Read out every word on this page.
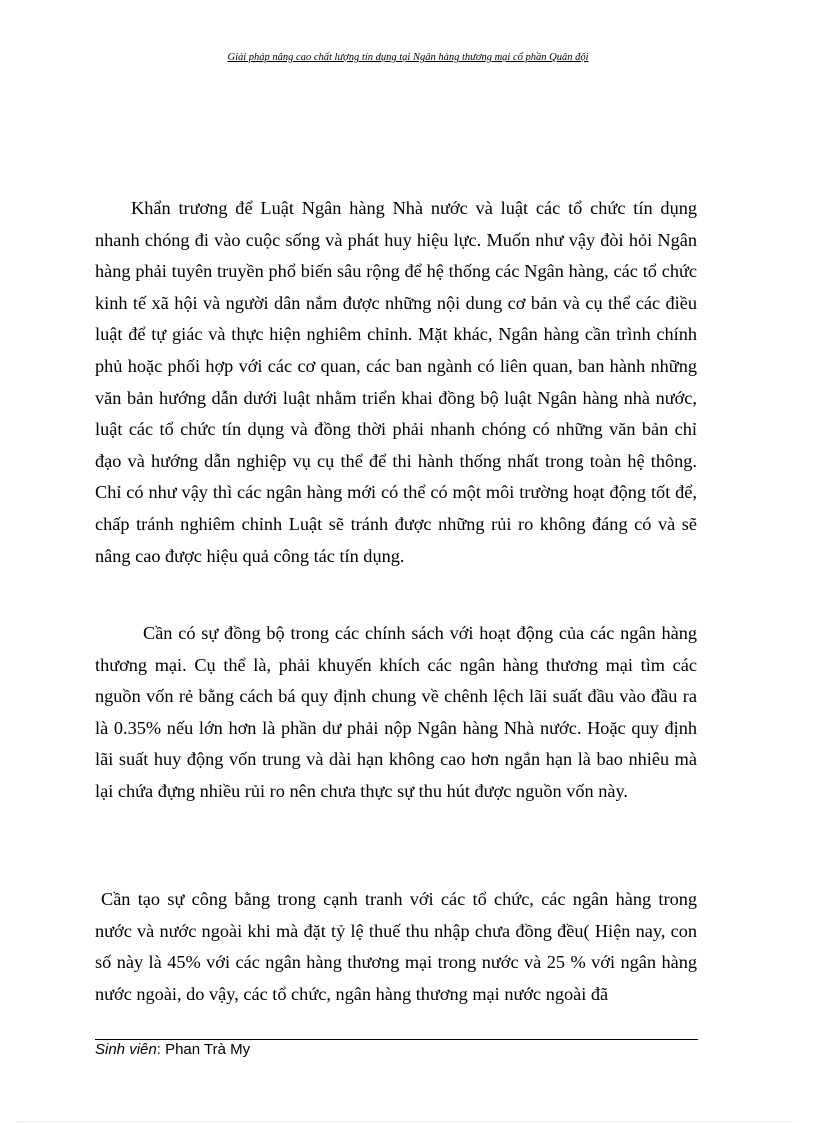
Giải pháp nâng cao chất lượng tín dụng tại Ngân hàng thương mại cổ phần Quân đội

Khẩn trương để Luật Ngân hàng Nhà nước và luật các tổ chức tín dụng nhanh chóng đi vào cuộc sống và phát huy hiệu lực. Muốn như vậy đòi hỏi Ngân hàng phải tuyên truyền phổ biến sâu rộng để hệ thống các Ngân hàng, các tổ chức kinh tế xã hội và người dân nắm được những nội dung cơ bản và cụ thể các điều luật để tự giác và thực hiện nghiêm chỉnh. Mặt khác, Ngân hàng cần trình chính phủ hoặc phối hợp với các cơ quan, các ban ngành có liên quan, ban hành những văn bản hướng dẫn dưới luật nhằm triển khai đồng bộ luật Ngân hàng nhà nước, luật các tổ chức tín dụng và đồng thời phải nhanh chóng có những văn bản chỉ đạo và hướng dẫn nghiệp vụ cụ thể để thi hành thống nhất trong toàn hệ thông. Chỉ có như vậy thì các ngân hàng mới có thể có một môi trường hoạt động tốt để, chấp tránh nghiêm chỉnh Luật sẽ tránh được những rủi ro không đáng có và sẽ nâng cao được hiệu quả công tác tín dụng.

Cần có sự đồng bộ trong các chính sách với hoạt động của các ngân hàng thương mại. Cụ thể là, phải khuyến khích các ngân hàng thương mại tìm các nguồn vốn rẻ bằng cách bá quy định chung về chênh lệch lãi suất đầu vào đầu ra là 0.35% nếu lớn hơn là phần dư phải nộp Ngân hàng Nhà nước. Hoặc quy định lãi suất huy động vốn trung và dài hạn không cao hơn ngắn hạn là bao nhiêu mà lại chứa đựng nhiều rủi ro nên chưa thực sự thu hút được nguồn vốn này.

Cần tạo sự công bằng trong cạnh tranh với các tổ chức, các ngân hàng trong nước và nước ngoài khi mà đặt tỷ lệ thuế thu nhập chưa đồng đều( Hiện nay, con số này là 45% với các ngân hàng thương mại trong nước và 25 % với ngân hàng nước ngoài, do vậy, các tổ chức, ngân hàng thương mại nước ngoài đã

Sinh viên: Phan Trà My
